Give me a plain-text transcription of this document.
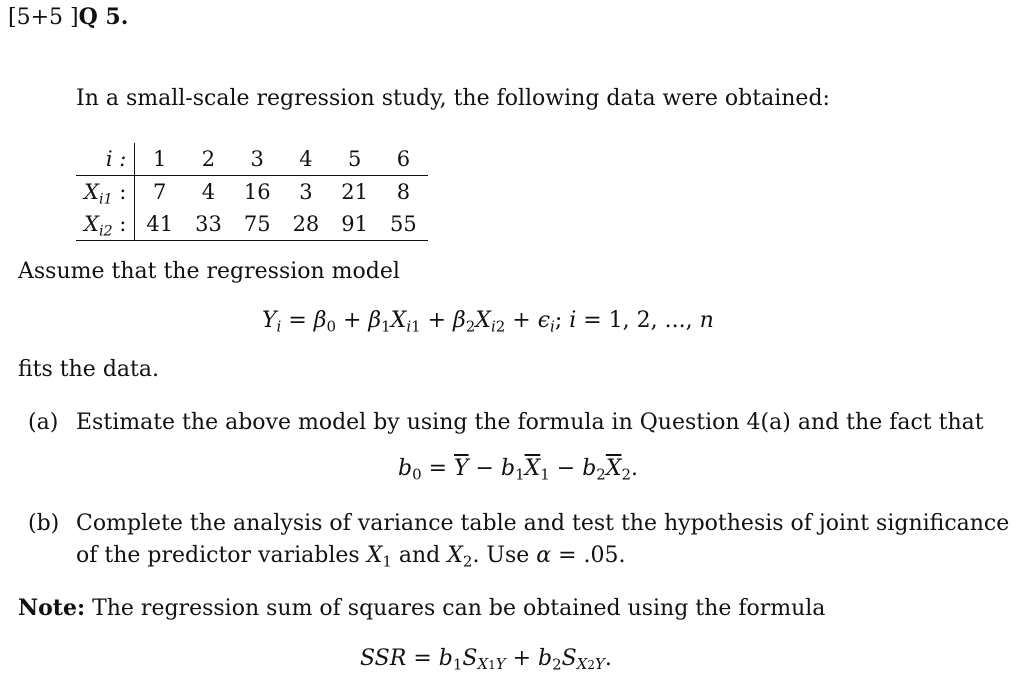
[5+5 ]Q 5.
In a small-scale regression study, the following data were obtained:
i :	1	2	3	4	5	6
$X_{i1}$ :	7	4	16	3	21	8
$X_{i2}$ :	41	33	75	28	91	55
Assume that the regression model
$Y_i = \beta_0 + \beta_1X_{i1} + \beta_2X_{i2} + \epsilon_i$; i = 1, 2, ..., n
fits the data.
(a) Estimate the above model by using the formula in Question 4(a) and the fact that
$b_0 = \overline{Y} - b_1\overline{X}_1 - b_2\overline{X}_2$.
(b) Complete the analysis of variance table and test the hypothesis of joint significance
of the predictor variables $X_1$ and $X_2$. Use α = .05.
Note: The regression sum of squares can be obtained using the formula
SSR = $b_1S_{X1Y} + b_2S_{X2Y}$.
